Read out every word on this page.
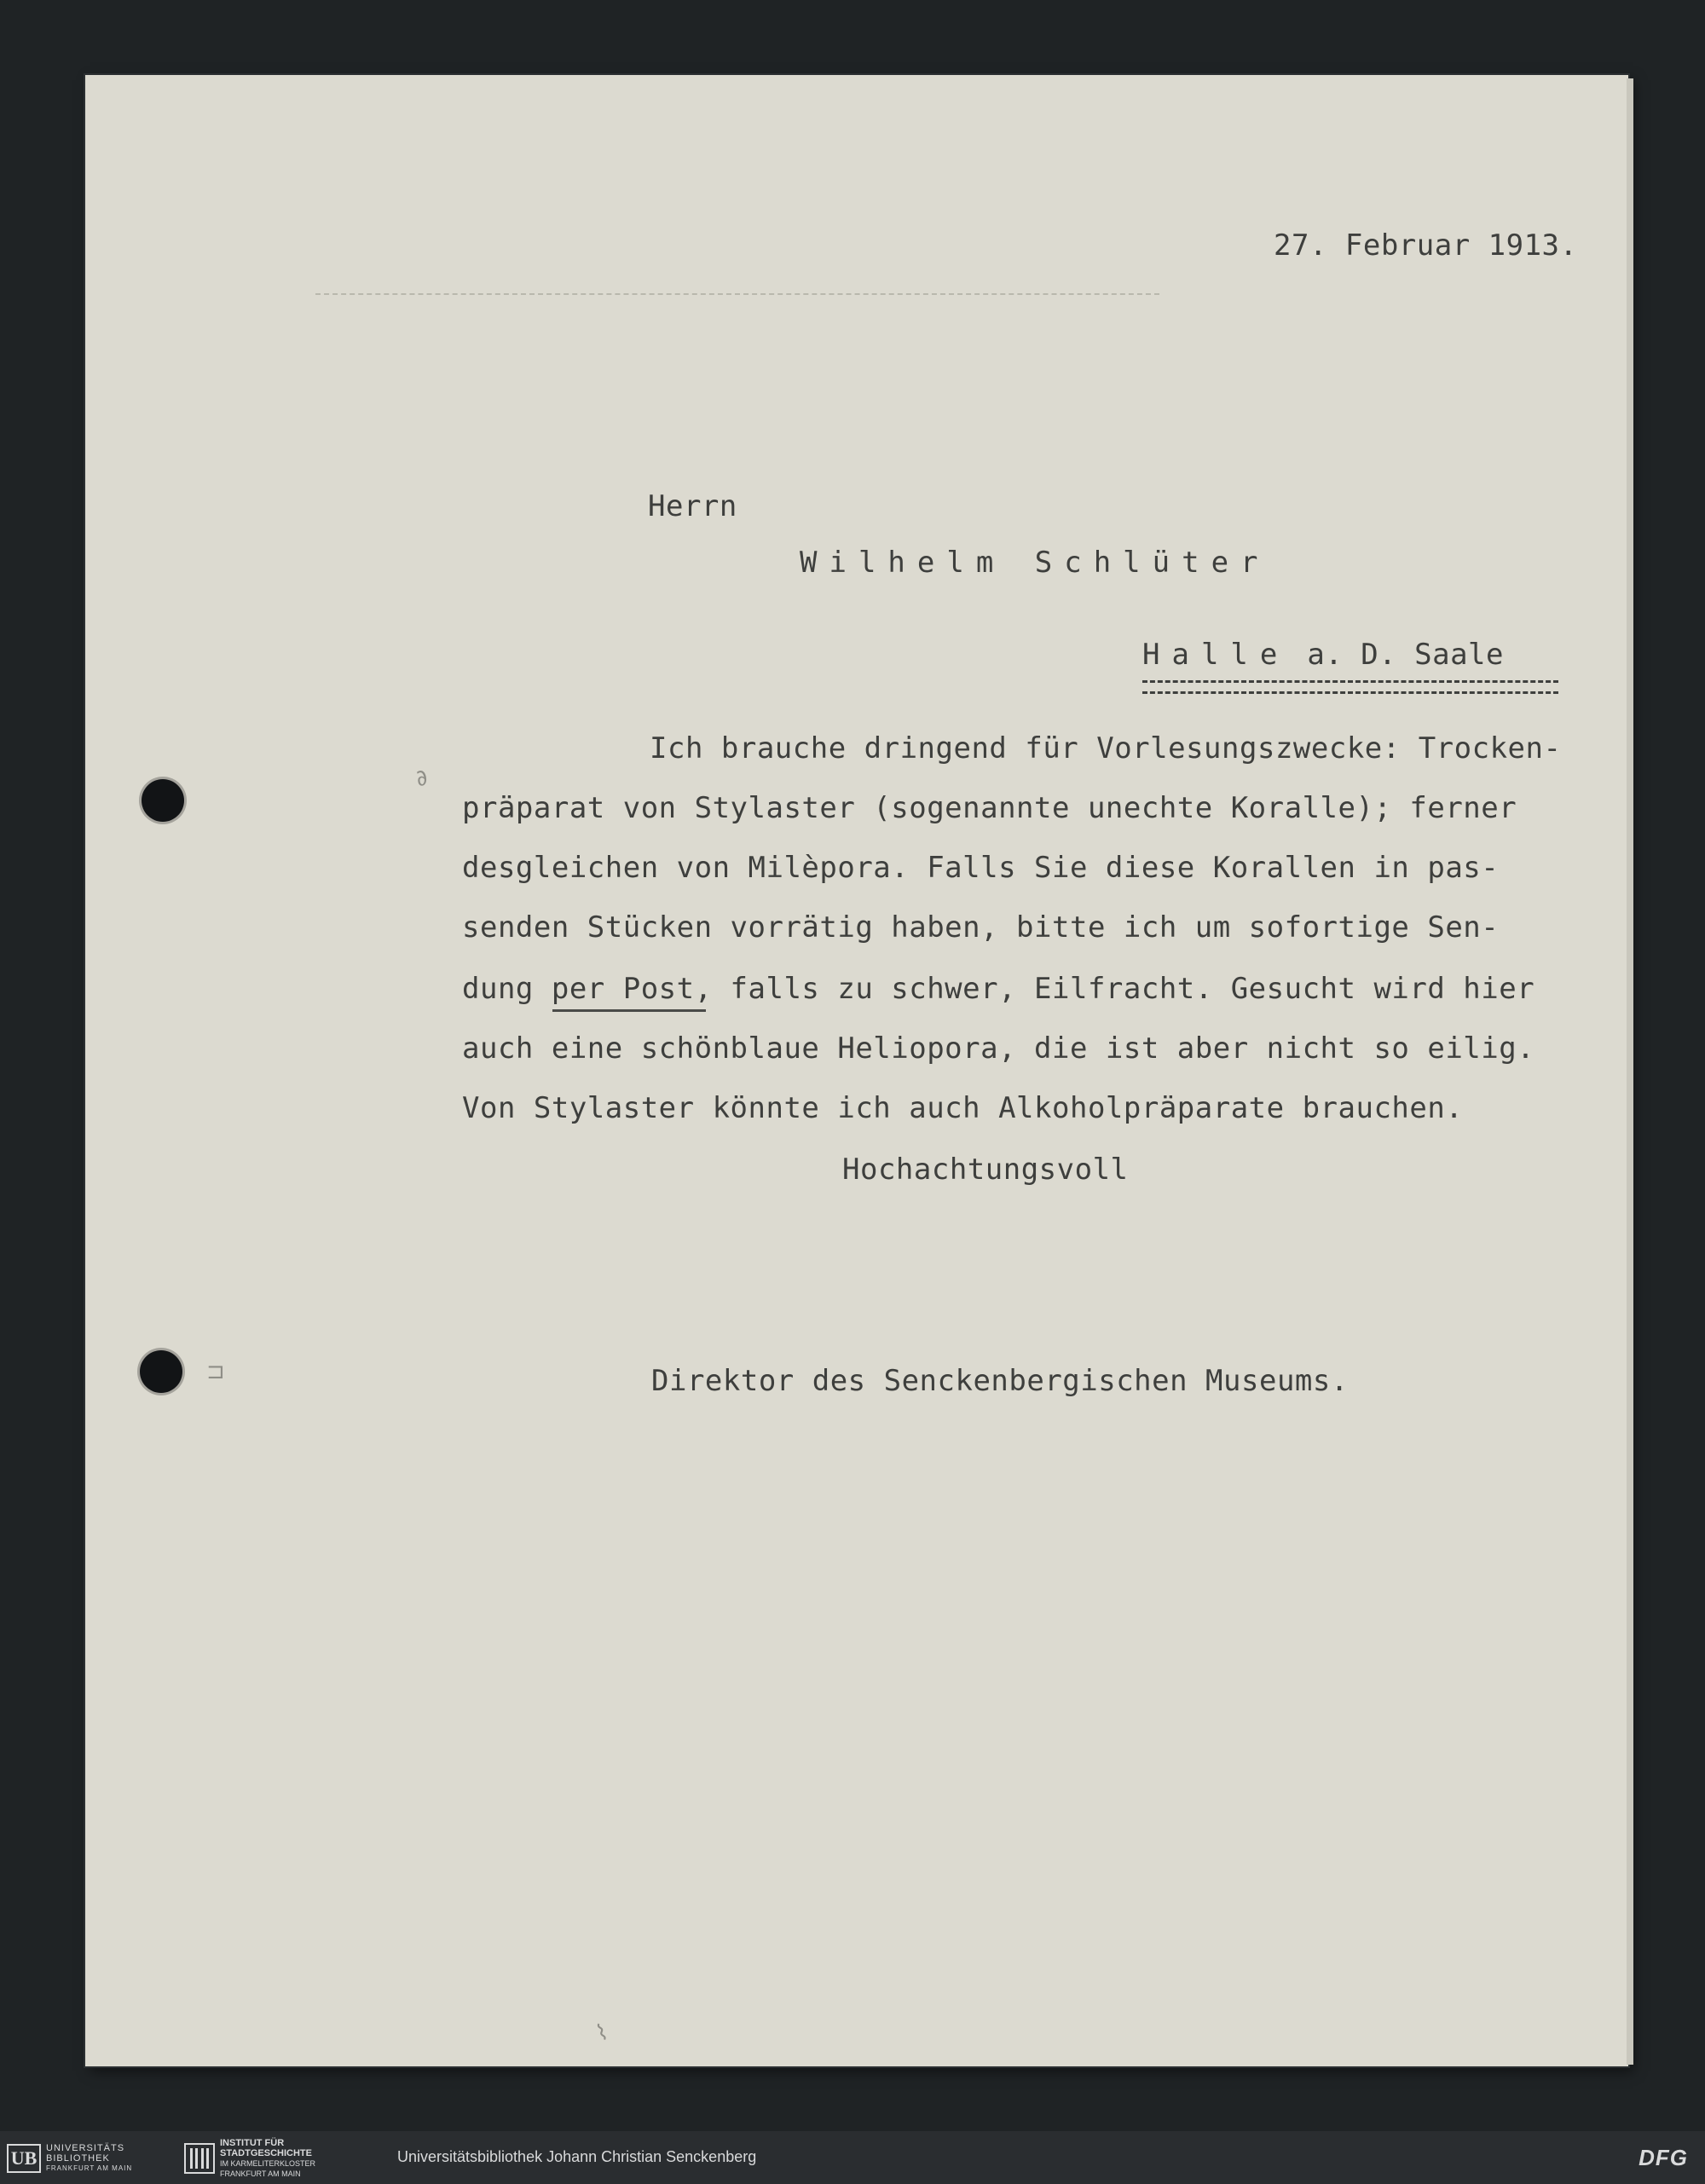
∂
⊐
⌇
27. Februar 1913.
Herrn
Wilhelm Schlüter
Halle a. D. Saale
Ich brauche dringend für Vorlesungszwecke: Trocken-
präparat von Stylaster (sogenannte unechte Koralle); ferner
desgleichen von Milèpora. Falls Sie diese Korallen in pas-
senden Stücken vorrätig haben, bitte ich um sofortige Sen-
dung per Post, falls zu schwer, Eilfracht. Gesucht wird hier
auch eine schönblaue Heliopora, die ist aber nicht so eilig.
Von Stylaster könnte ich auch Alkoholpräparate brauchen.
Hochachtungsvoll
Direktor des Senckenbergischen Museums.
UB UNIVERSITÄTS
BIBLIOTHEK
FRANKFURT AM MAIN
INSTITUT FÜR
STADTGESCHICHTE
IM KARMELITERKLOSTER
FRANKFURT AM MAIN
Universitätsbibliothek Johann Christian Senckenberg	DFG
